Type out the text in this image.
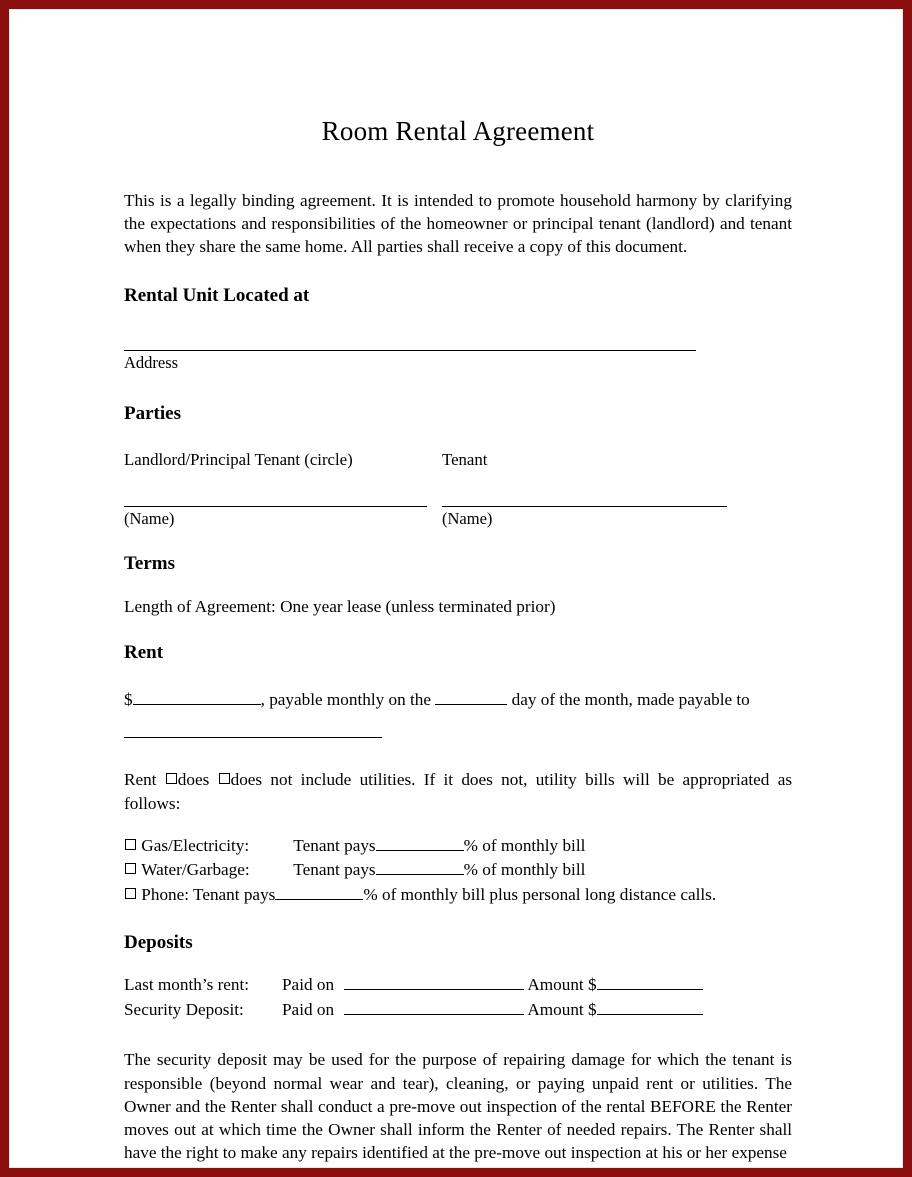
Room Rental Agreement

This is a legally binding agreement. It is intended to promote household harmony by clarifying the expectations and responsibilities of the homeowner or principal tenant (landlord) and tenant when they share the same home. All parties shall receive a copy of this document.

Rental Unit Located at
Address
Parties
Landlord/Principal Tenant (circle)	Tenant
(Name)	(Name)
Terms
Length of Agreement: One year lease (unless terminated prior)
Rent
$	, payable monthly on the	day of the month, made payable to

Rent does does not include utilities. If it does not, utility bills will be appropriated as follows:
Gas/Electricity:	Tenant pays	% of monthly bill
Water/Garbage:	Tenant pays	% of monthly bill
Phone: Tenant pays	% of monthly bill plus personal long distance calls.
Deposits
Last month’s rent: Paid on	Amount $
Security Deposit: Paid on	Amount $

The security deposit may be used for the purpose of repairing damage for which the tenant is responsible (beyond normal wear and tear), cleaning, or paying unpaid rent or utilities. The Owner and the Renter shall conduct a pre-move out inspection of the rental BEFORE the Renter moves out at which time the Owner shall inform the Renter of needed repairs. The Renter shall have the right to make any repairs identified at the pre-move out inspection at his or her expense
